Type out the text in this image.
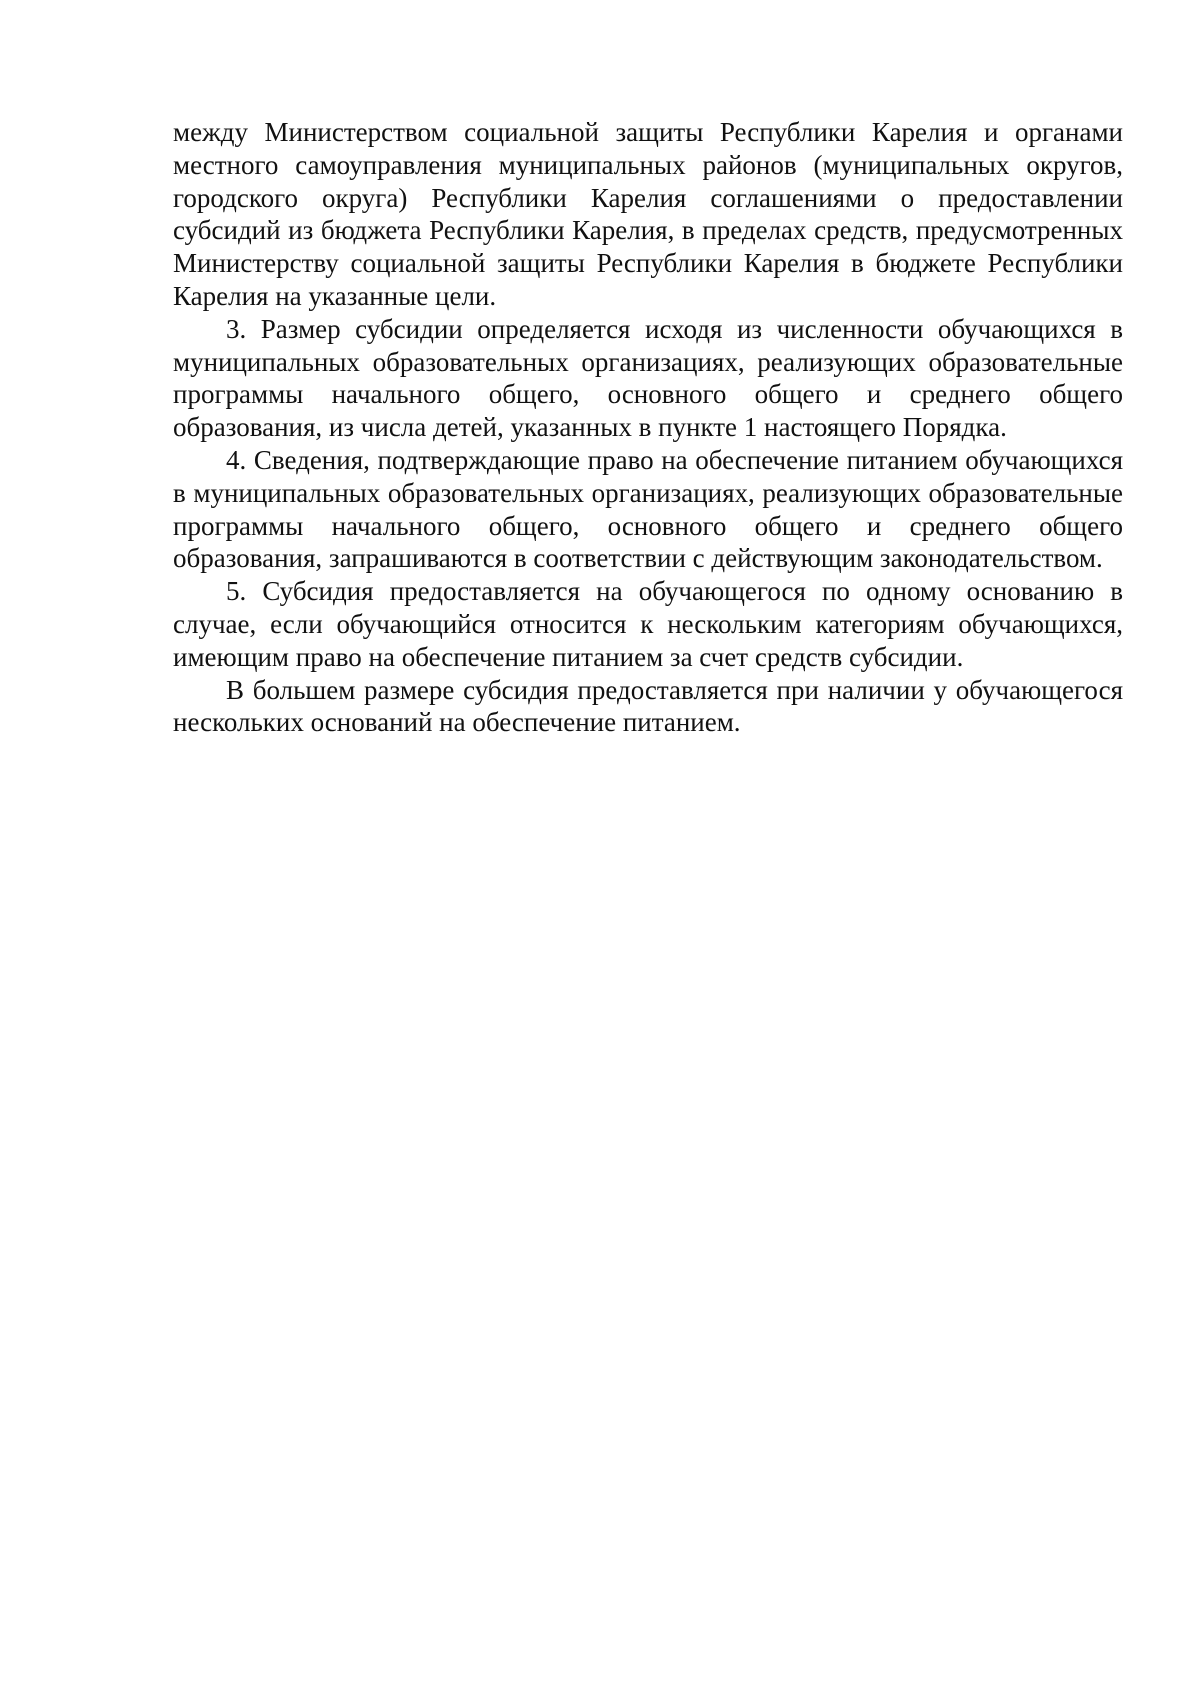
между Министерством социальной защиты Республики Карелия и органами местного самоуправления муниципальных районов (муниципальных округов, городского округа) Республики Карелия соглашениями о предоставлении субсидий из бюджета Республики Карелия, в пределах средств, предусмотренных Министерству социальной защиты Республики Карелия в бюджете Республики Карелия на указанные цели.

3. Размер субсидии определяется исходя из численности обучающихся в муниципальных образовательных организациях, реализующих образовательные программы начального общего, основного общего и среднего общего образования, из числа детей, указанных в пункте 1 настоящего Порядка.

4. Сведения, подтверждающие право на обеспечение питанием обучающихся в муниципальных образовательных организациях, реализующих образовательные программы начального общего, основного общего и среднего общего образования, запрашиваются в соответствии с действующим законодательством.

5. Субсидия предоставляется на обучающегося по одному основанию в случае, если обучающийся относится к нескольким категориям обучающихся, имеющим право на обеспечение питанием за счет средств субсидии.

В большем размере субсидия предоставляется при наличии у обучающегося нескольких оснований на обеспечение питанием.
